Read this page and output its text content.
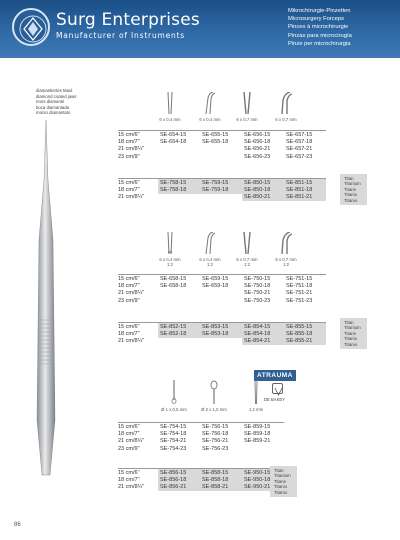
Surg Enterprises
Manufacturer of Instruments
Mikrochirurgie-Pinzetten
Microsurgery Forceps
Pinces à microchirurgie
Pinzas para microcirugía
Pinze per microchirurgia
diamantiertes Maul
diamond coated jaws
mors diamanté
boca diamantada
morso diamantato
6 x 0,4 mm	6 x 0,4 mm	6 x 0,7 mm	6 x 0,7 mm
15 cm/6"	SE-654-15	SE-655-15	SE-656-15	SE-657-15
18 cm/7"	SE-654-18	SE-655-18	SE-656-18	SE-657-18
21 cm/8¼"			SE-656-21	SE-657-21
23 cm/9"			SE-656-23	SE-657-23
15 cm/6"	SE-758-15	SE-759-15	SE-850-15	SE-851-15
18 cm/7"	SE-758-18	SE-759-18	SE-850-18	SE-851-18
21 cm/8¼"			SE-850-21	SE-851-21
Titan
Titanium
Titane
Titanio
Titanio
6 x 0,4 mm
1:2
6 x 0,4 mm
1:2
6 x 0,7 mm
1:2
6 x 0,7 mm
1:2
15 cm/6"	SE-658-15	SE-659-15	SE-750-15	SE-751-15
18 cm/7"	SE-658-18	SE-659-18	SE-750-18	SE-751-18
21 cm/8¼"			SE-750-21	SE-751-21
23 cm/9"			SE-750-23	SE-751-23
15 cm/6"	SE-852-15	SE-853-15	SE-854-15	SE-855-15
18 cm/7"	SE-852-18	SE-853-18	SE-854-18	SE-855-18
21 cm/8¼"			SE-854-21	SE-855-21
Titan
Titanium
Titane
Titanio
Titanio
ATRAUMA
DE BAKEY
Ø 1 x 0,5 mm	Ø 2 x 1,0 mm	1,2 mm
15 cm/6"	SE-754-15	SE-756-15	SE-859-15
18 cm/7"	SE-754-18	SE-756-18	SE-859-18
21 cm/8¼"	SE-754-21	SE-756-21	SE-859-21
23 cm/9"	SE-754-23	SE-756-23	
15 cm/6"	SE-856-15	SE-858-15	SE-950-15
18 cm/7"	SE-856-18	SE-858-18	SE-950-18
21 cm/8¼"	SE-856-21	SE-858-21	SE-950-21
Titan
Titanium
Titane
Titanio
Titanio
86
